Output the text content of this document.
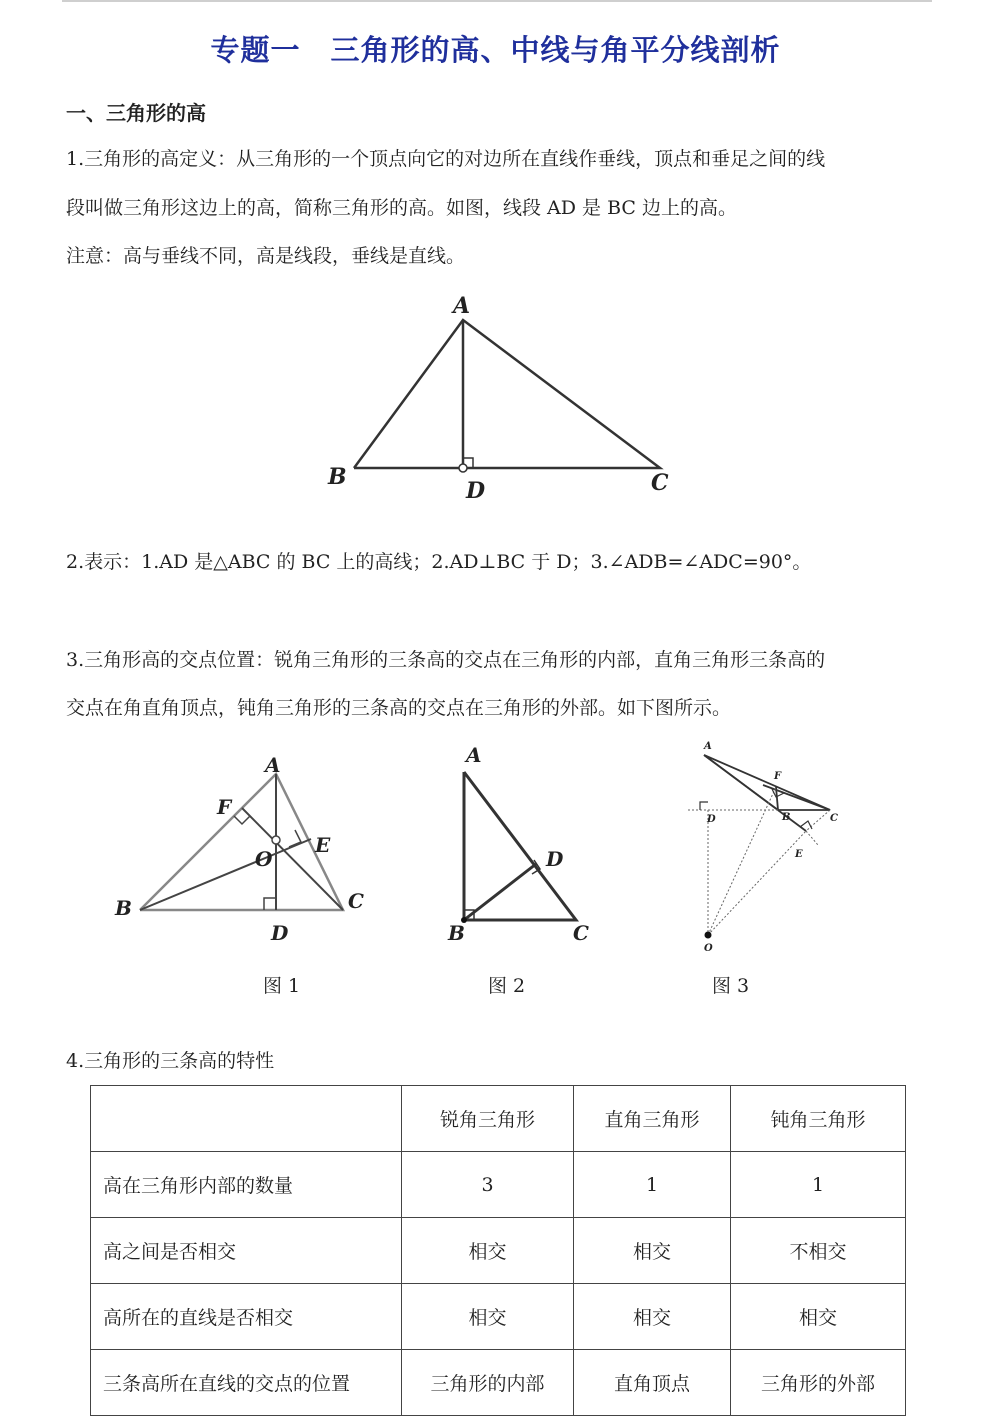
专题一　三角形的高、中线与角平分线剖析
一、三角形的高
1.三角形的高定义：从三角形的一个顶点向它的对边所在直线作垂线，顶点和垂足之间的线
段叫做三角形这边上的高，简称三角形的高。如图，线段 AD 是 BC 边上的高。
注意：高与垂线不同，高是线段，垂线是直线。
A
B	C
D
2.表示：1.AD 是△ABC 的 BC 上的高线；2.AD⊥BC 于 D；3.∠ADB=∠ADC=90°。
3.三角形高的交点位置：锐角三角形的三条高的交点在三角形的内部，直角三角形三条高的
交点在角直角顶点，钝角三角形的三条高的交点在三角形的外部。如下图所示。
A
B	C
D
E
F
O
图 1
A
B	C
D
图 2
A
B	C
D
E
F
O
图 3
4.三角形的三条高的特性
	锐角三角形	直角三角形	钝角三角形
高在三角形内部的数量	3	1	1
高之间是否相交	相交	相交	不相交
高所在的直线是否相交	相交	相交	相交
三条高所在直线的交点的位置	三角形的内部	直角顶点	三角形的外部
